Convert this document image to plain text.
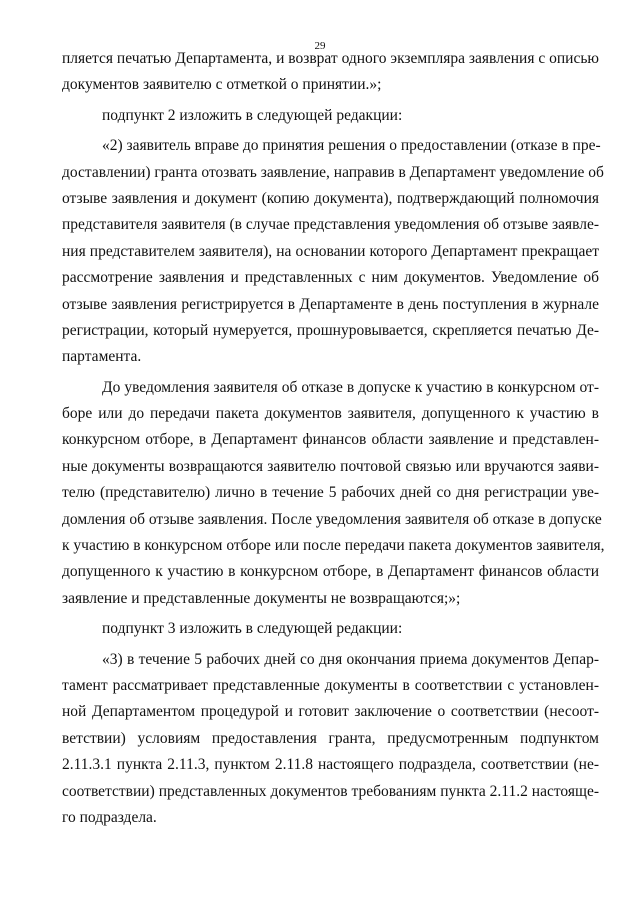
29
пляется печатью Департамента, и возврат одного экземпляра заявления с описью
документов заявителю с отметкой о принятии.»;
подпункт 2 изложить в следующей редакции:
«2) заявитель вправе до принятия решения о предоставлении (отказе в пре-
доставлении) гранта отозвать заявление, направив в Департамент уведомление об
отзыве заявления и документ (копию документа), подтверждающий полномочия
представителя заявителя (в случае представления уведомления об отзыве заявле-
ния представителем заявителя), на основании которого Департамент прекращает
рассмотрение заявления и представленных с ним документов. Уведомление об
отзыве заявления регистрируется в Департаменте в день поступления в журнале
регистрации, который нумеруется, прошнуровывается, скрепляется печатью Де-
партамента.
До уведомления заявителя об отказе в допуске к участию в конкурсном от-
боре или до передачи пакета документов заявителя, допущенного к участию в
конкурсном отборе, в Департамент финансов области заявление и представлен-
ные документы возвращаются заявителю почтовой связью или вручаются заяви-
телю (представителю) лично в течение 5 рабочих дней со дня регистрации уве-
домления об отзыве заявления. После уведомления заявителя об отказе в допуске
к участию в конкурсном отборе или после передачи пакета документов заявителя,
допущенного к участию в конкурсном отборе, в Департамент финансов области
заявление и представленные документы не возвращаются;»;
подпункт 3 изложить в следующей редакции:
«3) в течение 5 рабочих дней со дня окончания приема документов Депар-
тамент рассматривает представленные документы в соответствии с установлен-
ной Департаментом процедурой и готовит заключение о соответствии (несоот-
ветствии) условиям предоставления гранта, предусмотренным подпунктом
2.11.3.1 пункта 2.11.3, пунктом 2.11.8 настоящего подраздела, соответствии (не-
соответствии) представленных документов требованиям пункта 2.11.2 настояще-
го подраздела.
